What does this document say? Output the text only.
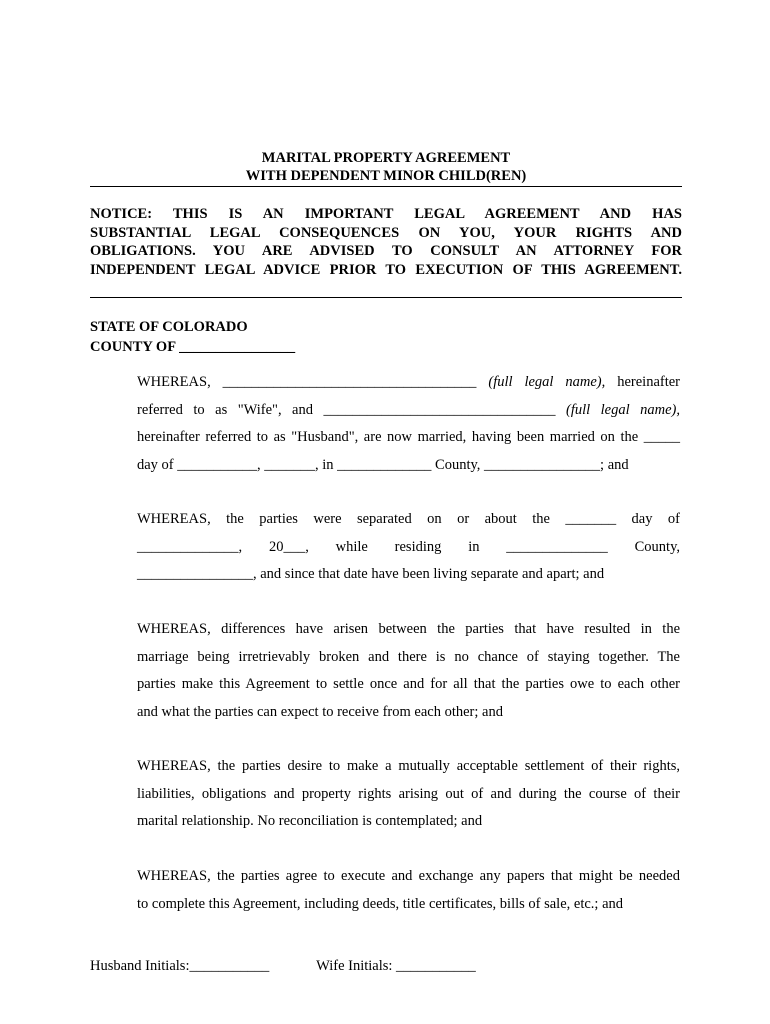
MARITAL PROPERTY AGREEMENT
WITH DEPENDENT MINOR CHILD(REN)
NOTICE: THIS IS AN IMPORTANT LEGAL AGREEMENT AND HAS
SUBSTANTIAL LEGAL CONSEQUENCES ON YOU, YOUR RIGHTS AND
OBLIGATIONS. YOU ARE ADVISED TO CONSULT AN ATTORNEY FOR
INDEPENDENT LEGAL ADVICE PRIOR TO EXECUTION OF THIS AGREEMENT.
STATE OF COLORADO
COUNTY OF ________________
WHEREAS, ___________________________________ (full legal name), hereinafter
referred to as "Wife", and ________________________________ (full legal name),
hereinafter referred to as "Husband", are now married, having been married on the _____
day of ___________, _______, in _____________ County, ________________; and
WHEREAS, the parties were separated on or about the _______ day of
______________, 20___, while residing in ______________ County,
________________, and since that date have been living separate and apart; and
WHEREAS, differences have arisen between the parties that have resulted in the
marriage being irretrievably broken and there is no chance of staying together. The
parties make this Agreement to settle once and for all that the parties owe to each other
and what the parties can expect to receive from each other; and
WHEREAS, the parties desire to make a mutually acceptable settlement of their rights,
liabilities, obligations and property rights arising out of and during the course of their
marital relationship. No reconciliation is contemplated; and
WHEREAS, the parties agree to execute and exchange any papers that might be needed
to complete this Agreement, including deeds, title certificates, bills of sale, etc.; and
Husband Initials:___________	Wife Initials: ___________
